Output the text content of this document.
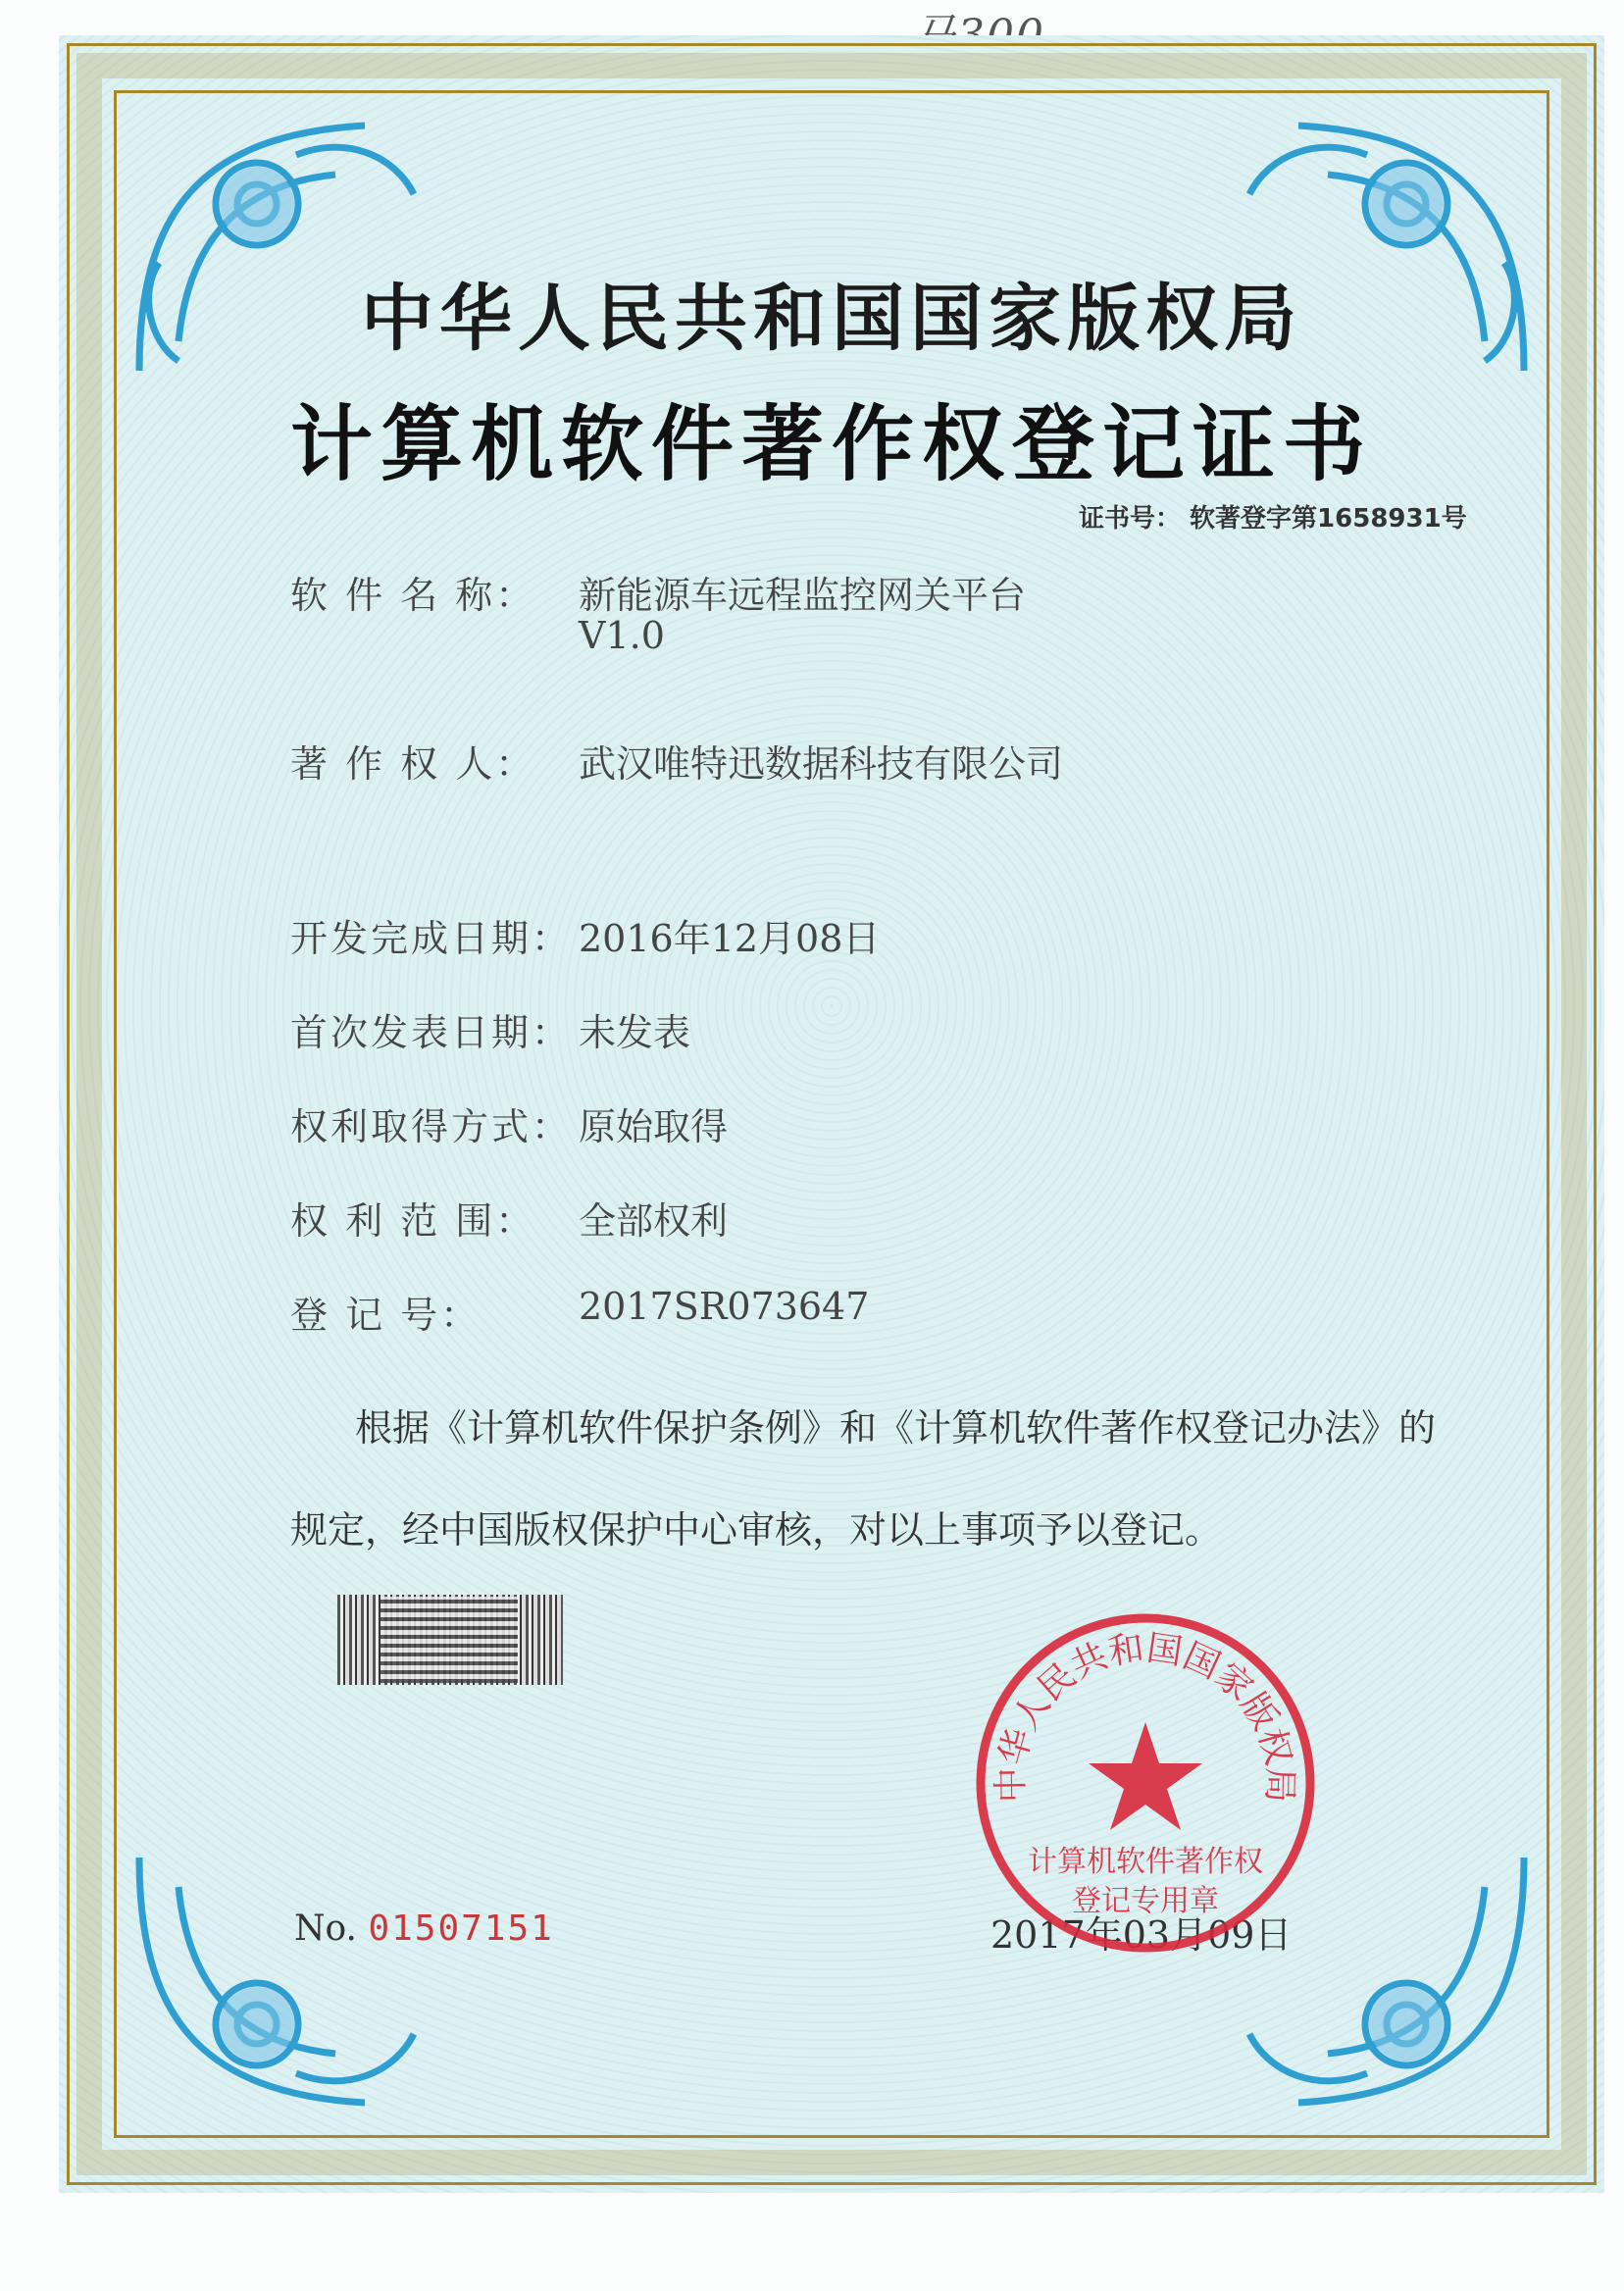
中华人民共和国国家版权局
计算机软件著作权登记证书
证书号： 软著登字第1658931号
软 件 名 称： 新能源车远程监控网关平台
V1.0
著 作 权 人： 武汉唯特迅数据科技有限公司
开发完成日期： 2016年12月08日
首次发表日期： 未发表
权利取得方式： 原始取得
权 利 范 围： 全部权利
登 记 号：	2017SR073647
根据《计算机软件保护条例》和《计算机软件著作权登记办法》的
规定，经中国版权保护中心审核，对以上事项予以登记。
No. 01507151	2017年03月09日
中华人民共和国国家版权局
计算机软件著作权
登记专用章
